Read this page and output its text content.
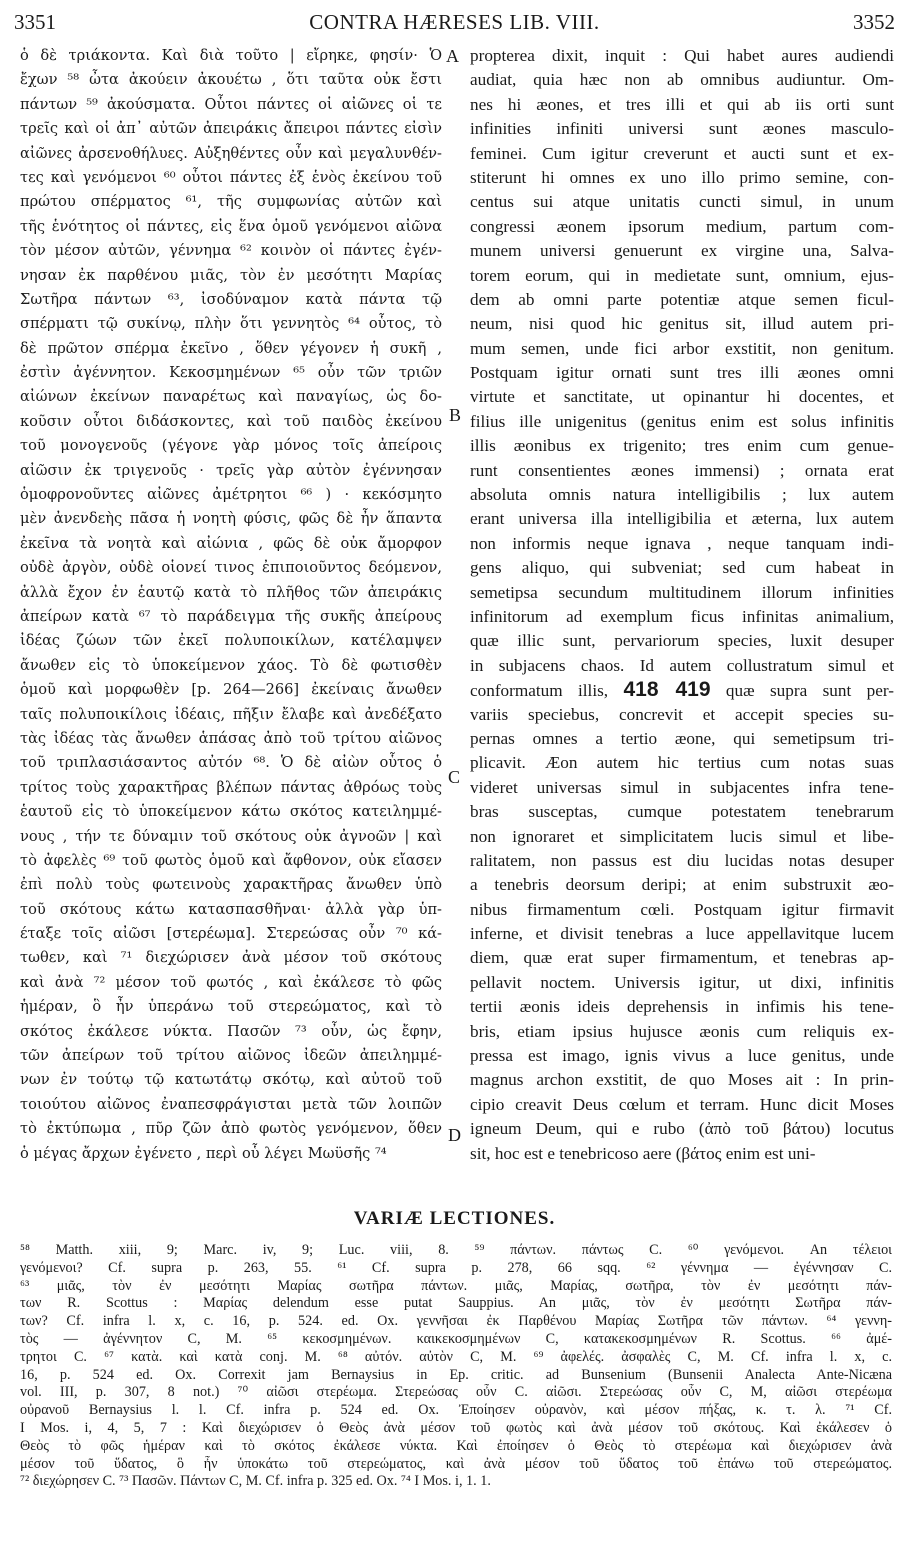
3351	CONTRA HÆRESES LIB. VIII.	3352
ὁ δὲ τριάκοντα. Καὶ διὰ τοῦτο | εἴρηκε, φησίν· Ὁ
ἔχων ⁵⁸ ὦτα ἀκούειν ἀκουέτω , ὅτι ταῦτα οὐκ ἔστι
πάντων ⁵⁹ ἀκούσματα. Οὗτοι πάντες οἱ αἰῶνες οἱ τε
τρεῖς καὶ οἱ ἀπ᾽ αὐτῶν ἀπειράκις ἄπειροι πάντες εἰσὶν
αἰῶνες ἀρσενοθήλυες. Αὐξηθέντες οὖν καὶ μεγαλυνθέν-
τες καὶ γενόμενοι ⁶⁰ οὗτοι πάντες ἐξ ἑνὸς ἐκείνου τοῦ
πρώτου σπέρματος ⁶¹, τῆς συμφωνίας αὐτῶν καὶ
τῆς ἑνότητος οἱ πάντες, εἰς ἕνα ὁμοῦ γενόμενοι αἰῶνα
τὸν μέσον αὐτῶν, γέννημα ⁶² κοινὸν οἱ πάντες ἐγέν-
νησαν ἐκ παρθένου μιᾶς, τὸν ἐν μεσότητι Μαρίας
Σωτῆρα πάντων ⁶³, ἰσοδύναμον κατὰ πάντα τῷ
σπέρματι τῷ συκίνῳ, πλὴν ὅτι γεννητὸς ⁶⁴ οὗτος, τὸ
δὲ πρῶτον σπέρμα ἐκεῖνο , ὅθεν γέγονεν ἡ συκῆ ,
ἐστὶν ἀγέννητον. Κεκοσμημένων ⁶⁵ οὖν τῶν τριῶν
αἰώνων ἐκείνων παναρέτως καὶ παναγίως, ὡς δο-
κοῦσιν οὗτοι διδάσκοντες, καὶ τοῦ παιδὸς ἐκείνου
τοῦ μονογενοῦς (γέγονε γὰρ μόνος τοῖς ἀπείροις
αἰῶσιν ἐκ τριγενοῦς · τρεῖς γὰρ αὐτὸν ἐγέννησαν
ὁμοφρονοῦντες αἰῶνες ἀμέτρητοι ⁶⁶ ) · κεκόσμητο
μὲν ἀνενδεὴς πᾶσα ἡ νοητὴ φύσις, φῶς δὲ ἦν ἅπαντα
ἐκεῖνα τὰ νοητὰ καὶ αἰώνια , φῶς δὲ οὐκ ἄμορφον
οὐδὲ ἀργὸν, οὐδὲ οἱονεί τινος ἐπιποιοῦντος δεόμενον,
ἀλλὰ ἔχον ἐν ἑαυτῷ κατὰ τὸ πλῆθος τῶν ἀπειράκις
ἀπείρων κατὰ ⁶⁷ τὸ παράδειγμα τῆς συκῆς ἀπείρους
ἰδέας ζώων τῶν ἐκεῖ πολυποικίλων, κατέλαμψεν
ἄνωθεν εἰς τὸ ὑποκείμενον χάος. Τὸ δὲ φωτισθὲν
ὁμοῦ καὶ μορφωθὲν [p. 264—266] ἐκείναις ἄνωθεν
ταῖς πολυποικίλοις ἰδέαις, πῆξιν ἔλαβε καὶ ἀνεδέξατο
τὰς ἰδέας τὰς ἄνωθεν ἁπάσας ἀπὸ τοῦ τρίτου αἰῶνος
τοῦ τριπλασιάσαντος αὐτόν ⁶⁸. Ὁ δὲ αἰὼν οὗτος ὁ
τρίτος τοὺς χαρακτῆρας βλέπων πάντας ἀθρόως τοὺς
ἑαυτοῦ εἰς τὸ ὑποκείμενον κάτω σκότος κατειλημμέ-
νους , τήν τε δύναμιν τοῦ σκότους οὐκ ἀγνοῶν | καὶ
τὸ ἀφελὲς ⁶⁹ τοῦ φωτὸς ὁμοῦ καὶ ἄφθονον, οὐκ εἴασεν
ἐπὶ πολὺ τοὺς φωτεινοὺς χαρακτῆρας ἄνωθεν ὑπὸ
τοῦ σκότους κάτω κατασπασθῆναι· ἀλλὰ γὰρ ὑπ-
έταξε τοῖς αἰῶσι [στερέωμα]. Στερεώσας οὖν ⁷⁰ κά-
τωθεν, καὶ ⁷¹ διεχώρισεν ἀνὰ μέσον τοῦ σκότους
καὶ ἀνὰ ⁷² μέσον τοῦ φωτός , καὶ ἐκάλεσε τὸ φῶς
ἡμέραν, ὃ ἦν ὑπεράνω τοῦ στερεώματος, καὶ τὸ
σκότος ἐκάλεσε νύκτα. Πασῶν ⁷³ οὖν, ὡς ἔφην,
τῶν ἀπείρων τοῦ τρίτου αἰῶνος ἰδεῶν ἀπειλημμέ-
νων ἐν τούτῳ τῷ κατωτάτῳ σκότῳ, καὶ αὐτοῦ τοῦ
τοιούτου αἰῶνος ἐναπεσφράγισται μετὰ τῶν λοιπῶν
τὸ ἐκτύπωμα , πῦρ ζῶν ἀπὸ φωτὸς γενόμενον, ὅθεν
ὁ μέγας ἄρχων ἐγένετο , περὶ οὗ λέγει Μωϋσῆς ⁷⁴
A
B
C
D
propterea dixit, inquit : Qui habet aures audiendi
audiat, quia hæc non ab omnibus audiuntur. Om-
nes hi æones, et tres illi et qui ab iis orti sunt
infinities infiniti universi sunt æones masculo-
feminei. Cum igitur creverunt et aucti sunt et ex-
stiterunt hi omnes ex uno illo primo semine, con-
centus sui atque unitatis cuncti simul, in unum
congressi æonem ipsorum medium, partum com-
munem universi genuerunt ex virgine una, Salva-
torem eorum, qui in medietate sunt, omnium, ejus-
dem ab omni parte potentiæ atque semen ficul-
neum, nisi quod hic genitus sit, illud autem pri-
mum semen, unde fici arbor exstitit, non genitum.
Postquam igitur ornati sunt tres illi æones omni
virtute et sanctitate, ut opinantur hi docentes, et
filius ille unigenitus (genitus enim est solus infinitis
illis æonibus ex trigenito; tres enim cum genue-
runt consentientes æones immensi) ; ornata erat
absoluta omnis natura intelligibilis ; lux autem
erant universa illa intelligibilia et æterna, lux autem
non informis neque ignava , neque tanquam indi-
gens aliquo, qui subveniat; sed cum habeat in
semetipsa secundum multitudinem illorum infinities
infinitorum ad exemplum ficus infinitas animalium,
quæ illic sunt, pervariorum species, luxit desuper
in subjacens chaos. Id autem collustratum simul et
conformatum illis, 418 419 quæ supra sunt per-
variis speciebus, concrevit et accepit species su-
pernas omnes a tertio æone, qui semetipsum tri-
plicavit. Æon autem hic tertius cum notas suas
videret universas simul in subjacentes infra tene-
bras susceptas, cumque potestatem tenebrarum
non ignoraret et simplicitatem lucis simul et libe-
ralitatem, non passus est diu lucidas notas desuper
a tenebris deorsum deripi; at enim substruxit æo-
nibus firmamentum cœli. Postquam igitur firmavit
inferne, et divisit tenebras a luce appellavitque lucem
diem, quæ erat super firmamentum, et tenebras ap-
pellavit noctem. Universis igitur, ut dixi, infinitis
tertii æonis ideis deprehensis in infimis his tene-
bris, etiam ipsius hujusce æonis cum reliquis ex-
pressa est imago, ignis vivus a luce genitus, unde
magnus archon exstitit, de quo Moses ait : In prin-
cipio creavit Deus cœlum et terram. Hunc dicit Moses
igneum Deum, qui e rubo (ἀπὸ τοῦ βάτου) locutus
sit, hoc est e tenebricoso aere (βάτος enim est uni-
VARIÆ LECTIONES.
⁵⁸ Matth. xiii, 9; Marc. iv, 9; Luc. viii, 8. ⁵⁹ πάντων. πάντως C. ⁶⁰ γενόμενοι. An τέλειοι
γενόμενοι? Cf. supra p. 263, 55. ⁶¹ Cf. supra p. 278, 66 sqq. ⁶² γέννημα — ἐγέννησαν C.
⁶³ μιᾶς, τὸν ἐν μεσότητι Μαρίας σωτῆρα πάντων. μιᾶς, Μαρίας, σωτῆρα, τὸν ἐν μεσότητι πάν-
των R. Scottus : Μαρίας delendum esse putat Sauppius. An μιᾶς, τὸν ἐν μεσότητι Σωτῆρα πάν-
των? Cf. infra l. x, c. 16, p. 524. ed. Ox. γεννῆσαι ἐκ Παρθένου Μαρίας Σωτῆρα τῶν πάντων. ⁶⁴ γεννη-
τὸς — ἀγέννητον C, M. ⁶⁵ κεκοσμημένων. καικεκοσμημένων C, κατακεκοσμημένων R. Scottus. ⁶⁶ ἀμέ-
τρητοι C. ⁶⁷ κατὰ. καὶ κατὰ conj. M. ⁶⁸ αὐτόν. αὐτὸν C, M. ⁶⁹ ἀφελές. ἀσφαλὲς C, M. Cf. infra l. x, c.
16, p. 524 ed. Ox. Correxit jam Bernaysius in Ep. critic. ad Bunsenium (Bunsenii Analecta Ante-Nicæna
vol. III, p. 307, 8 not.) ⁷⁰ αἰῶσι στερέωμα. Στερεώσας οὖν C. αἰῶσι. Στερεώσας οὖν C, M, αἰῶσι στερέωμα
οὐρανοῦ Bernaysius l. l. Cf. infra p. 524 ed. Ox. Ἐποίησεν οὐρανὸν, καὶ μέσον πήξας, κ. τ. λ. ⁷¹ Cf.
I Mos. i, 4, 5, 7 : Καὶ διεχώρισεν ὁ Θεὸς ἀνὰ μέσον τοῦ φωτὸς καὶ ἀνὰ μέσον τοῦ σκότους. Καὶ ἐκάλεσεν ὁ
Θεὸς τὸ φῶς ἡμέραν καὶ τὸ σκότος ἐκάλεσε νύκτα. Καὶ ἐποίησεν ὁ Θεὸς τὸ στερέωμα καὶ διεχώρισεν ἀνὰ
μέσον τοῦ ὕδατος, ὃ ἦν ὑποκάτω τοῦ στερεώματος, καὶ ἀνὰ μέσον τοῦ ὕδατος τοῦ ἐπάνω τοῦ στερεώματος.
⁷² διεχώρησεν C. ⁷³ Πασῶν. Πάντων C, M. Cf. infra p. 325 ed. Ox. ⁷⁴ I Mos. i, 1. 1.
